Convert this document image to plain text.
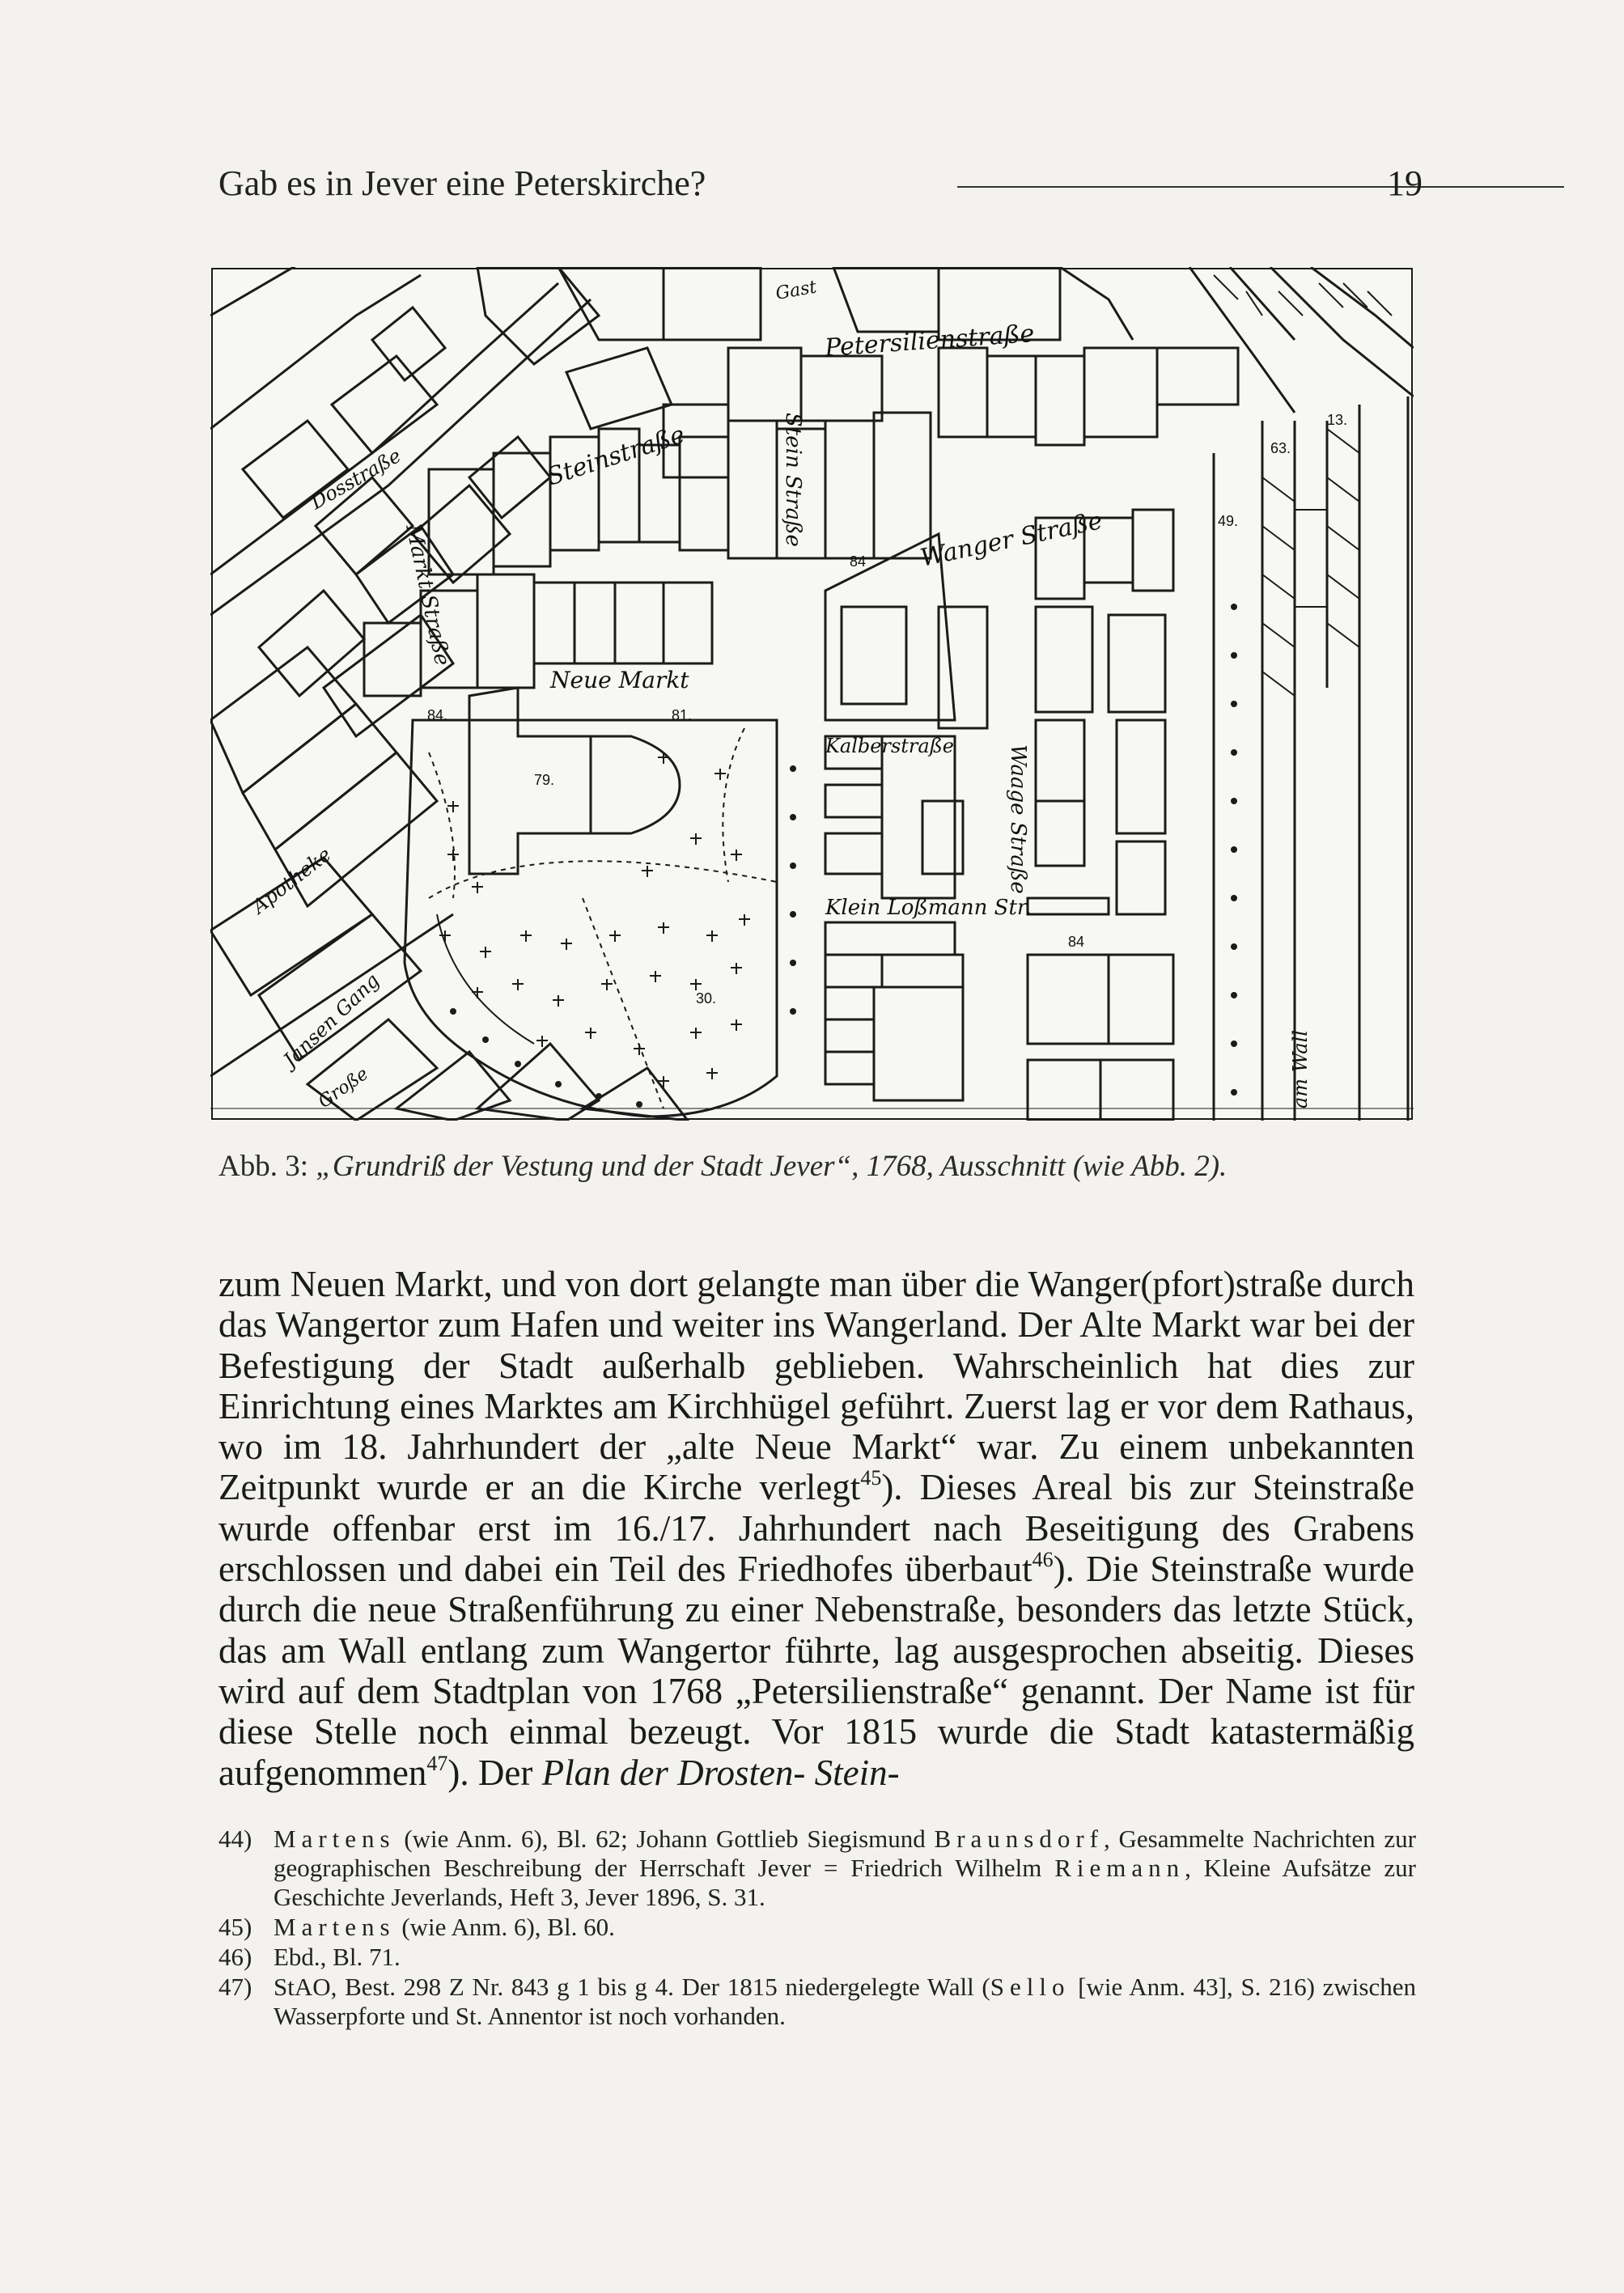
Gab es in Jever eine Peterskirche?	19
Petersilienstraße
Steinstraße	Stein Straße	Wanger Straße
Markt Straße
Dosstraße
Neue Markt
Kalberstraße Waage Straße
Klein Loßmann Str.
Apotheke
Jansen Gang
Große
Gast
am Wall
79.
84.
84
84
30.
81.
63.
49.
13.
Abb. 3: „Grundriß der Vestung und der Stadt Jever“, 1768, Ausschnitt (wie Abb. 2).

zum Neuen Markt, und von dort gelangte man über die Wanger(pfort)straße durch das Wangertor zum Hafen und weiter ins Wangerland. Der Alte Markt war bei der Befestigung der Stadt außerhalb geblieben. Wahrscheinlich hat dies zur Einrichtung eines Marktes am Kirchhügel geführt. Zuerst lag er vor dem Rathaus, wo im 18. Jahrhundert der „alte Neue Markt“ war. Zu einem unbekannten Zeitpunkt wurde er an die Kirche verlegt$^{45}$). Dieses Areal bis zur Steinstraße wurde offenbar erst im 16./17. Jahrhundert nach Beseitigung des Grabens erschlossen und dabei ein Teil des Friedhofes überbaut$^{46}$). Die Steinstraße wurde durch die neue Straßenführung zu einer Nebenstraße, besonders das letzte Stück, das am Wall entlang zum Wangertor führte, lag ausgesprochen abseitig. Dieses wird auf dem Stadtplan von 1768 „Petersilienstraße“ genannt. Der Name ist für diese Stelle noch einmal bezeugt. Vor 1815 wurde die Stadt katastermäßig aufgenommen$^{47}$). Der Plan der Drosten- Stein-

44) Martens (wie Anm. 6), Bl. 62; Johann Gottlieb Siegismund Braunsdorf, Gesammelte Nachrichten zur geographischen Beschreibung der Herrschaft Jever = Friedrich Wilhelm Riemann, Kleine Aufsätze zur Geschichte Jeverlands, Heft 3, Jever 1896, S. 31.
45) Martens (wie Anm. 6), Bl. 60.
46) Ebd., Bl. 71.
47) StAO, Best. 298 Z Nr. 843 g 1 bis g 4. Der 1815 niedergelegte Wall (Sello [wie Anm. 43], S. 216) zwischen Wasserpforte und St. Annentor ist noch vorhanden.
